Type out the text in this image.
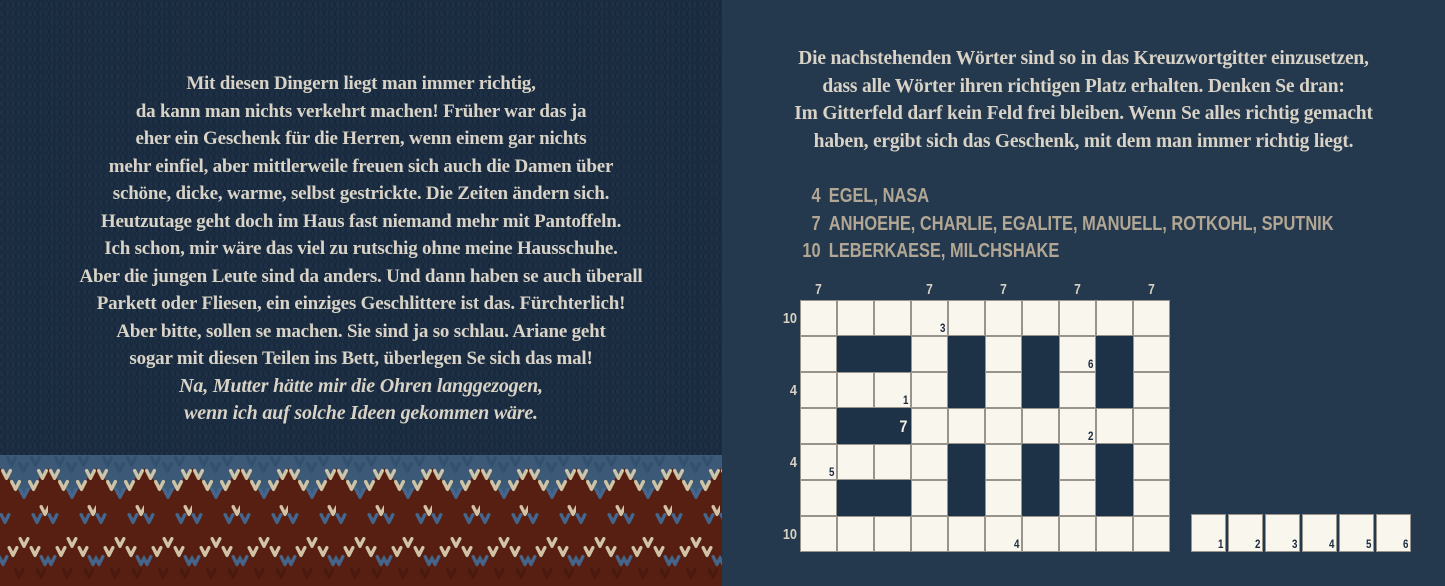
Mit diesen Dingern liegt man immer richtig,

da kann man nichts verkehrt machen! Früher war das ja

eher ein Geschenk für die Herren, wenn einem gar nichts

mehr einfiel, aber mittlerweile freuen sich auch die Damen über

schöne, dicke, warme, selbst gestrickte. Die Zeiten ändern sich.

Heutzutage geht doch im Haus fast niemand mehr mit Pantoffeln.

Ich schon, mir wäre das viel zu rutschig ohne meine Hausschuhe.

Aber die jungen Leute sind da anders. Und dann haben se auch überall

Parkett oder Fliesen, ein einziges Geschlittere ist das. Fürchterlich!

Aber bitte, sollen se machen. Sie sind ja so schlau. Ariane geht

sogar mit diesen Teilen ins Bett, überlegen Se sich das mal!

Na, Mutter hätte mir die Ohren langgezogen,

wenn ich auf solche Ideen gekommen wäre.

Die nachstehenden Wörter sind so in das Kreuzwortgitter einzusetzen,

dass alle Wörter ihren richtigen Platz erhalten. Denken Se dran:

Im Gitterfeld darf kein Feld frei bleiben. Wenn Se alles richtig gemacht

haben, ergibt sich das Geschenk, mit dem man immer richtig liegt.

4 EGEL, NASA
7 ANHOEHE, CHARLIE, EGALITE, MANUELL, ROTKOHL, SPUTNIK
10 LEBERKAESE, MILCHSHAKE
7	7	7	7	7
10
4
4
10
3
6
1
7
2
5
4	1	2	3	4	5	6
